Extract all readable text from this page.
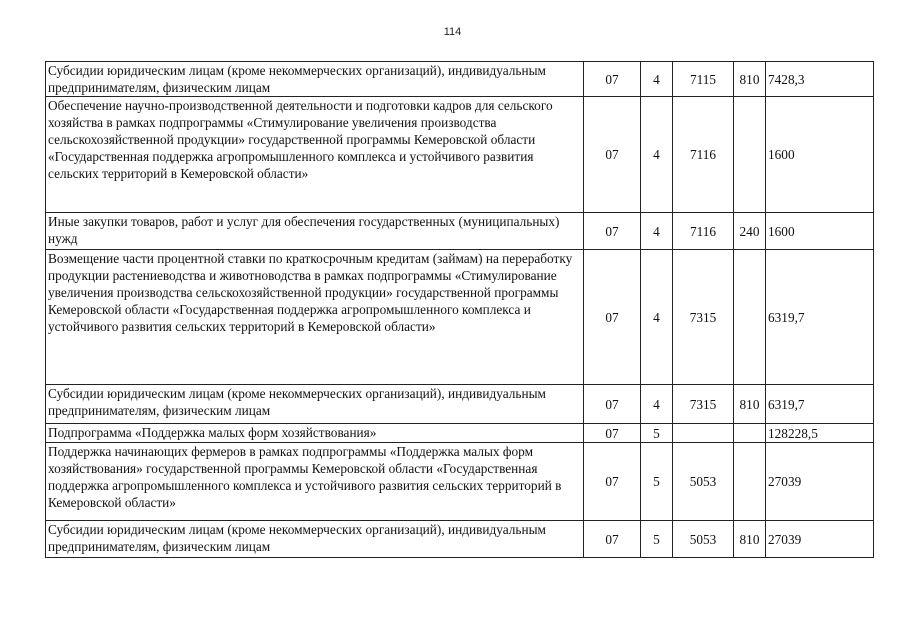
114
Субсидии юридическим лицам (кроме некоммерческих организаций), индивидуальным предпринимателям, физическим лицам	07	4	7115	810	7428,3
Обеспечение научно-производственной деятельности и подготовки кадров для сельского хозяйства в рамках подпрограммы «Стимулирование увеличения производства сельскохозяйственной продукции» государственной программы Кемеровской области «Государственная поддержка агропромышленного комплекса и устойчивого развития сельских территорий в Кемеровской области»	07	4	7116		1600
Иные закупки товаров, работ и услуг для обеспечения государственных (муниципальных) нужд	07	4	7116	240	1600
Возмещение части процентной ставки по краткосрочным кредитам (займам) на переработку продукции растениеводства и животноводства в рамках подпрограммы «Стимулирование увеличения производства сельскохозяйственной продукции» государственной программы Кемеровской области «Государственная поддержка агропромышленного комплекса и устойчивого развития сельских территорий в Кемеровской области»	07	4	7315		6319,7
Субсидии юридическим лицам (кроме некоммерческих организаций), индивидуальным предпринимателям, физическим лицам	07	4	7315	810	6319,7
Подпрограмма «Поддержка малых форм хозяйствования»	07	5			128228,5
Поддержка начинающих фермеров в рамках подпрограммы «Поддержка малых форм хозяйствования» государственной программы Кемеровской области «Государственная поддержка агропромышленного комплекса и устойчивого развития сельских территорий в Кемеровской области»	07	5	5053		27039
Субсидии юридическим лицам (кроме некоммерческих организаций), индивидуальным предпринимателям, физическим лицам	07	5	5053	810	27039
